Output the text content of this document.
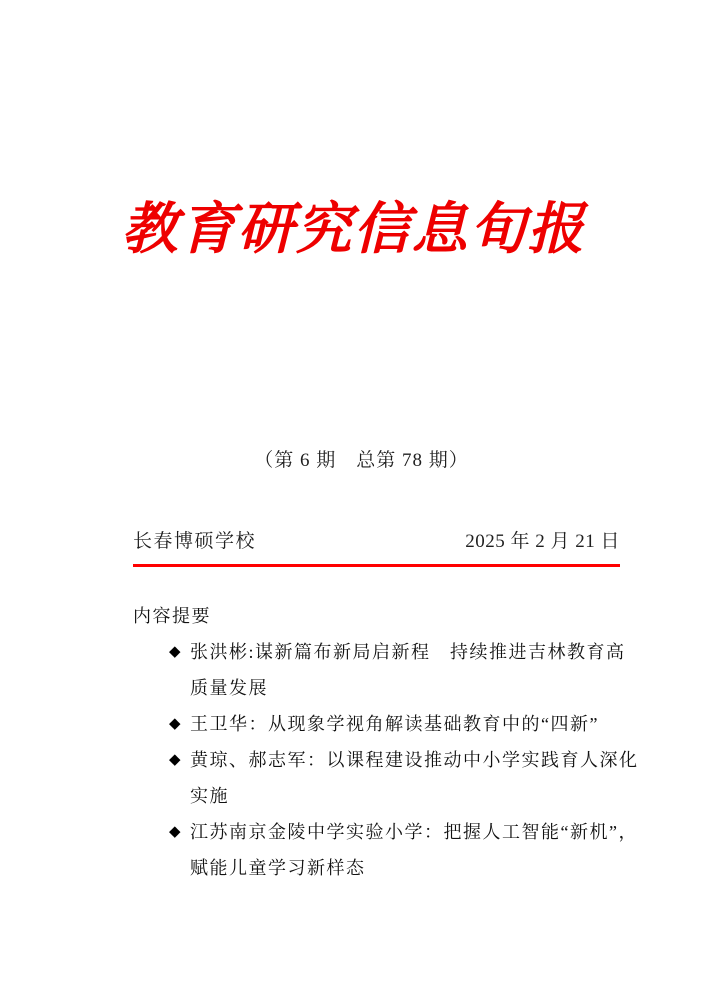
教育研究信息旬报
（第 6 期　总第 78 期）
长春博硕学校	2025 年 2 月 21 日
内容提要
◆ 张洪彬:谋新篇布新局启新程　持续推进吉林教育高
质量发展
◆ 王卫华：从现象学视角解读基础教育中的“四新”
◆ 黄琼、郝志军：以课程建设推动中小学实践育人深化
实施
◆ 江苏南京金陵中学实验小学：把握人工智能“新机”，
赋能儿童学习新样态
